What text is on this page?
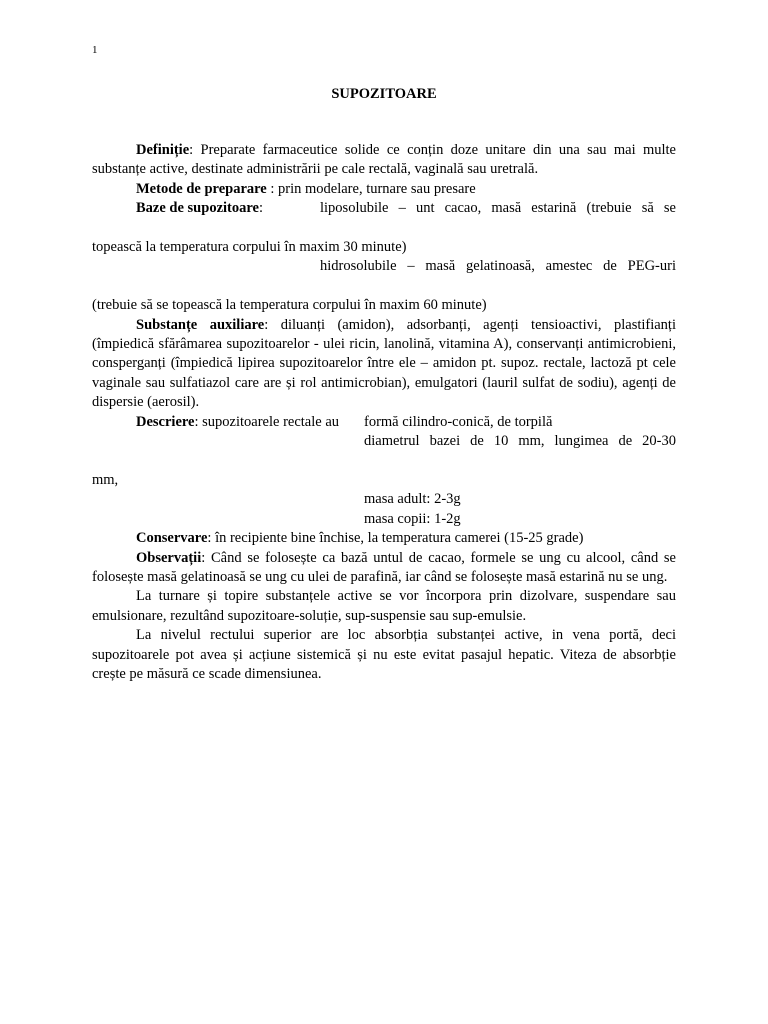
1
SUPOZITOARE

Definiție: Preparate farmaceutice solide ce conțin doze unitare din una sau mai multe substanțe active, destinate administrării pe cale rectală, vaginală sau uretrală.

Metode de preparare : prin modelare, turnare sau presare

Baze de supozitoare:	liposolubile – unt cacao, masă estarină (trebuie să se

topească la temperatura corpului în maxim 30 minute)

hidrosolubile – masă gelatinoasă, amestec de PEG-uri

(trebuie să se topească la temperatura corpului în maxim 60 minute)

Substanțe auxiliare: diluanți (amidon), adsorbanți, agenți tensioactivi, plastifianți (împiedică sfărâmarea supozitoarelor - ulei ricin, lanolină, vitamina A), conservanți antimicrobieni, consperganți (împiedică lipirea supozitoarelor între ele – amidon pt. supoz. rectale, lactoză pt cele vaginale sau sulfatiazol care are și rol antimicrobian), emulgatori (lauril sulfat de sodiu), agenți de dispersie (aerosil).

Descriere: supozitoarele rectale au	formă cilindro-conică, de torpilă

diametrul bazei de 10 mm, lungimea de 20-30

mm,

masa adult: 2-3g

masa copii: 1-2g

Conservare: în recipiente bine închise, la temperatura camerei (15-25 grade)

Observații: Când se folosește ca bază untul de cacao, formele se ung cu alcool, când se folosește masă gelatinoasă se ung cu ulei de parafină, iar când se folosește masă estarină nu se ung.

La turnare și topire substanțele active se vor încorpora prin dizolvare, suspendare sau emulsionare, rezultând supozitoare-soluție, sup-suspensie sau sup-emulsie.

La nivelul rectului superior are loc absorbția substanței active, in vena portă, deci supozitoarele pot avea și acțiune sistemică și nu este evitat pasajul hepatic. Viteza de absorbție crește pe măsură ce scade dimensiunea.
